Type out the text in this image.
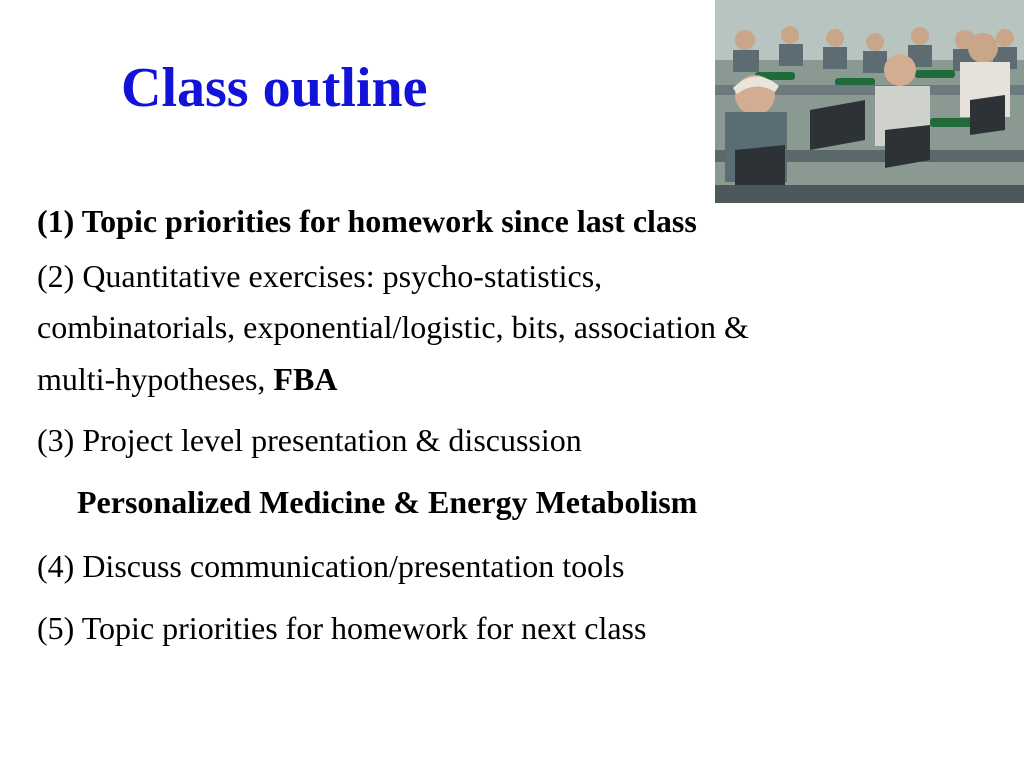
Class outline
(1) Topic priorities for homework since last class
(2) Quantitative exercises: psycho-statistics,
combinatorials, exponential/logistic, bits, association &
multi-hypotheses, FBA
(3) Project level presentation & discussion
Personalized Medicine & Energy Metabolism
(4) Discuss communication/presentation tools
(5) Topic priorities for homework for next class
